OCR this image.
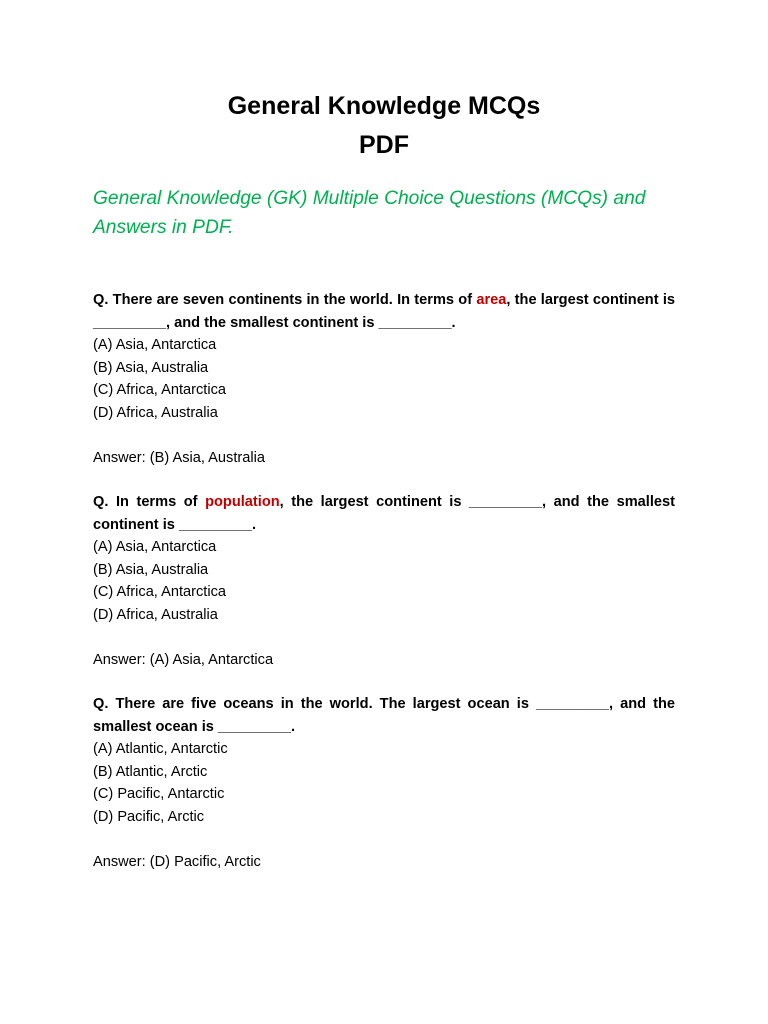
General Knowledge MCQs
PDF

General Knowledge (GK) Multiple Choice Questions (MCQs) and Answers in PDF.

Q. There are seven continents in the world. In terms of area, the largest continent is _________, and the smallest continent is _________.

(A) Asia, Antarctica

(B) Asia, Australia

(C) Africa, Antarctica

(D) Africa, Australia

Answer: (B) Asia, Australia

Q. In terms of population, the largest continent is _________, and the smallest continent is _________.

(A) Asia, Antarctica

(B) Asia, Australia

(C) Africa, Antarctica

(D) Africa, Australia

Answer: (A) Asia, Antarctica

Q. There are five oceans in the world. The largest ocean is _________, and the smallest ocean is _________.

(A) Atlantic, Antarctic

(B) Atlantic, Arctic

(C) Pacific, Antarctic

(D) Pacific, Arctic

Answer: (D) Pacific, Arctic
